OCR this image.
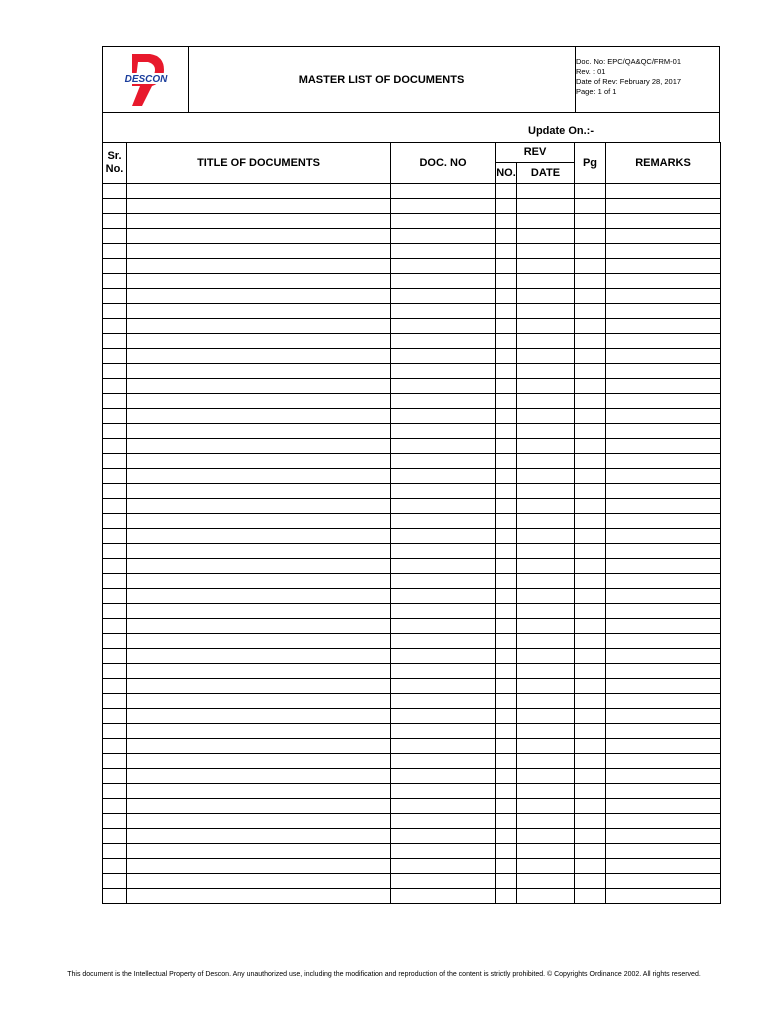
DESCON	MASTER LIST OF DOCUMENTS
Doc. No: EPC/QA&QC/FRM-01
Rev. : 01
Date of Rev: February 28, 2017
Page: 1 of 1
Update On.:-
Sr. No.	TITLE OF DOCUMENTS	DOC. NO	REV		Pg	REMARKS
			NO.	DATE		

This document is the Intellectual Property of Descon. Any unauthorized use, including the modification and reproduction of the content is strictly prohibited. © Copyrights Ordinance 2002. All rights reserved.
